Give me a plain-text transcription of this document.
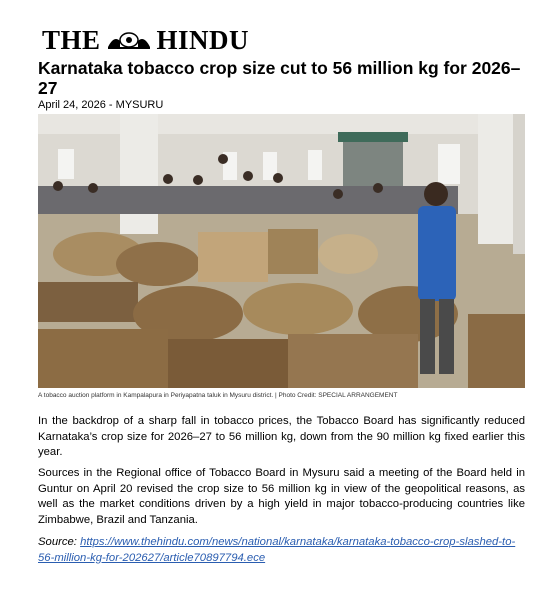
THE HINDU
Karnataka tobacco crop size cut to 56 million kg for 2026–27
April 24, 2026 - MYSURU
A tobacco auction platform in Kampalapura in Periyapatna taluk in Mysuru district. | Photo Credit: SPECIAL ARRANGEMENT

In the backdrop of a sharp fall in tobacco prices, the Tobacco Board has significantly reduced Karnataka’s crop size for 2026–27 to 56 million kg, down from the 90 million kg fixed earlier this year.

Sources in the Regional office of Tobacco Board in Mysuru said a meeting of the Board held in Guntur on April 20 revised the crop size to 56 million kg in view of the geopolitical reasons, as well as the market conditions driven by a high yield in major tobacco-producing countries like Zimbabwe, Brazil and Tanzania.

Source: https://www.thehindu.com/news/national/karnataka/karnataka-tobacco-crop-slashed-to-56-million-kg-for-202627/article70897794.ece
